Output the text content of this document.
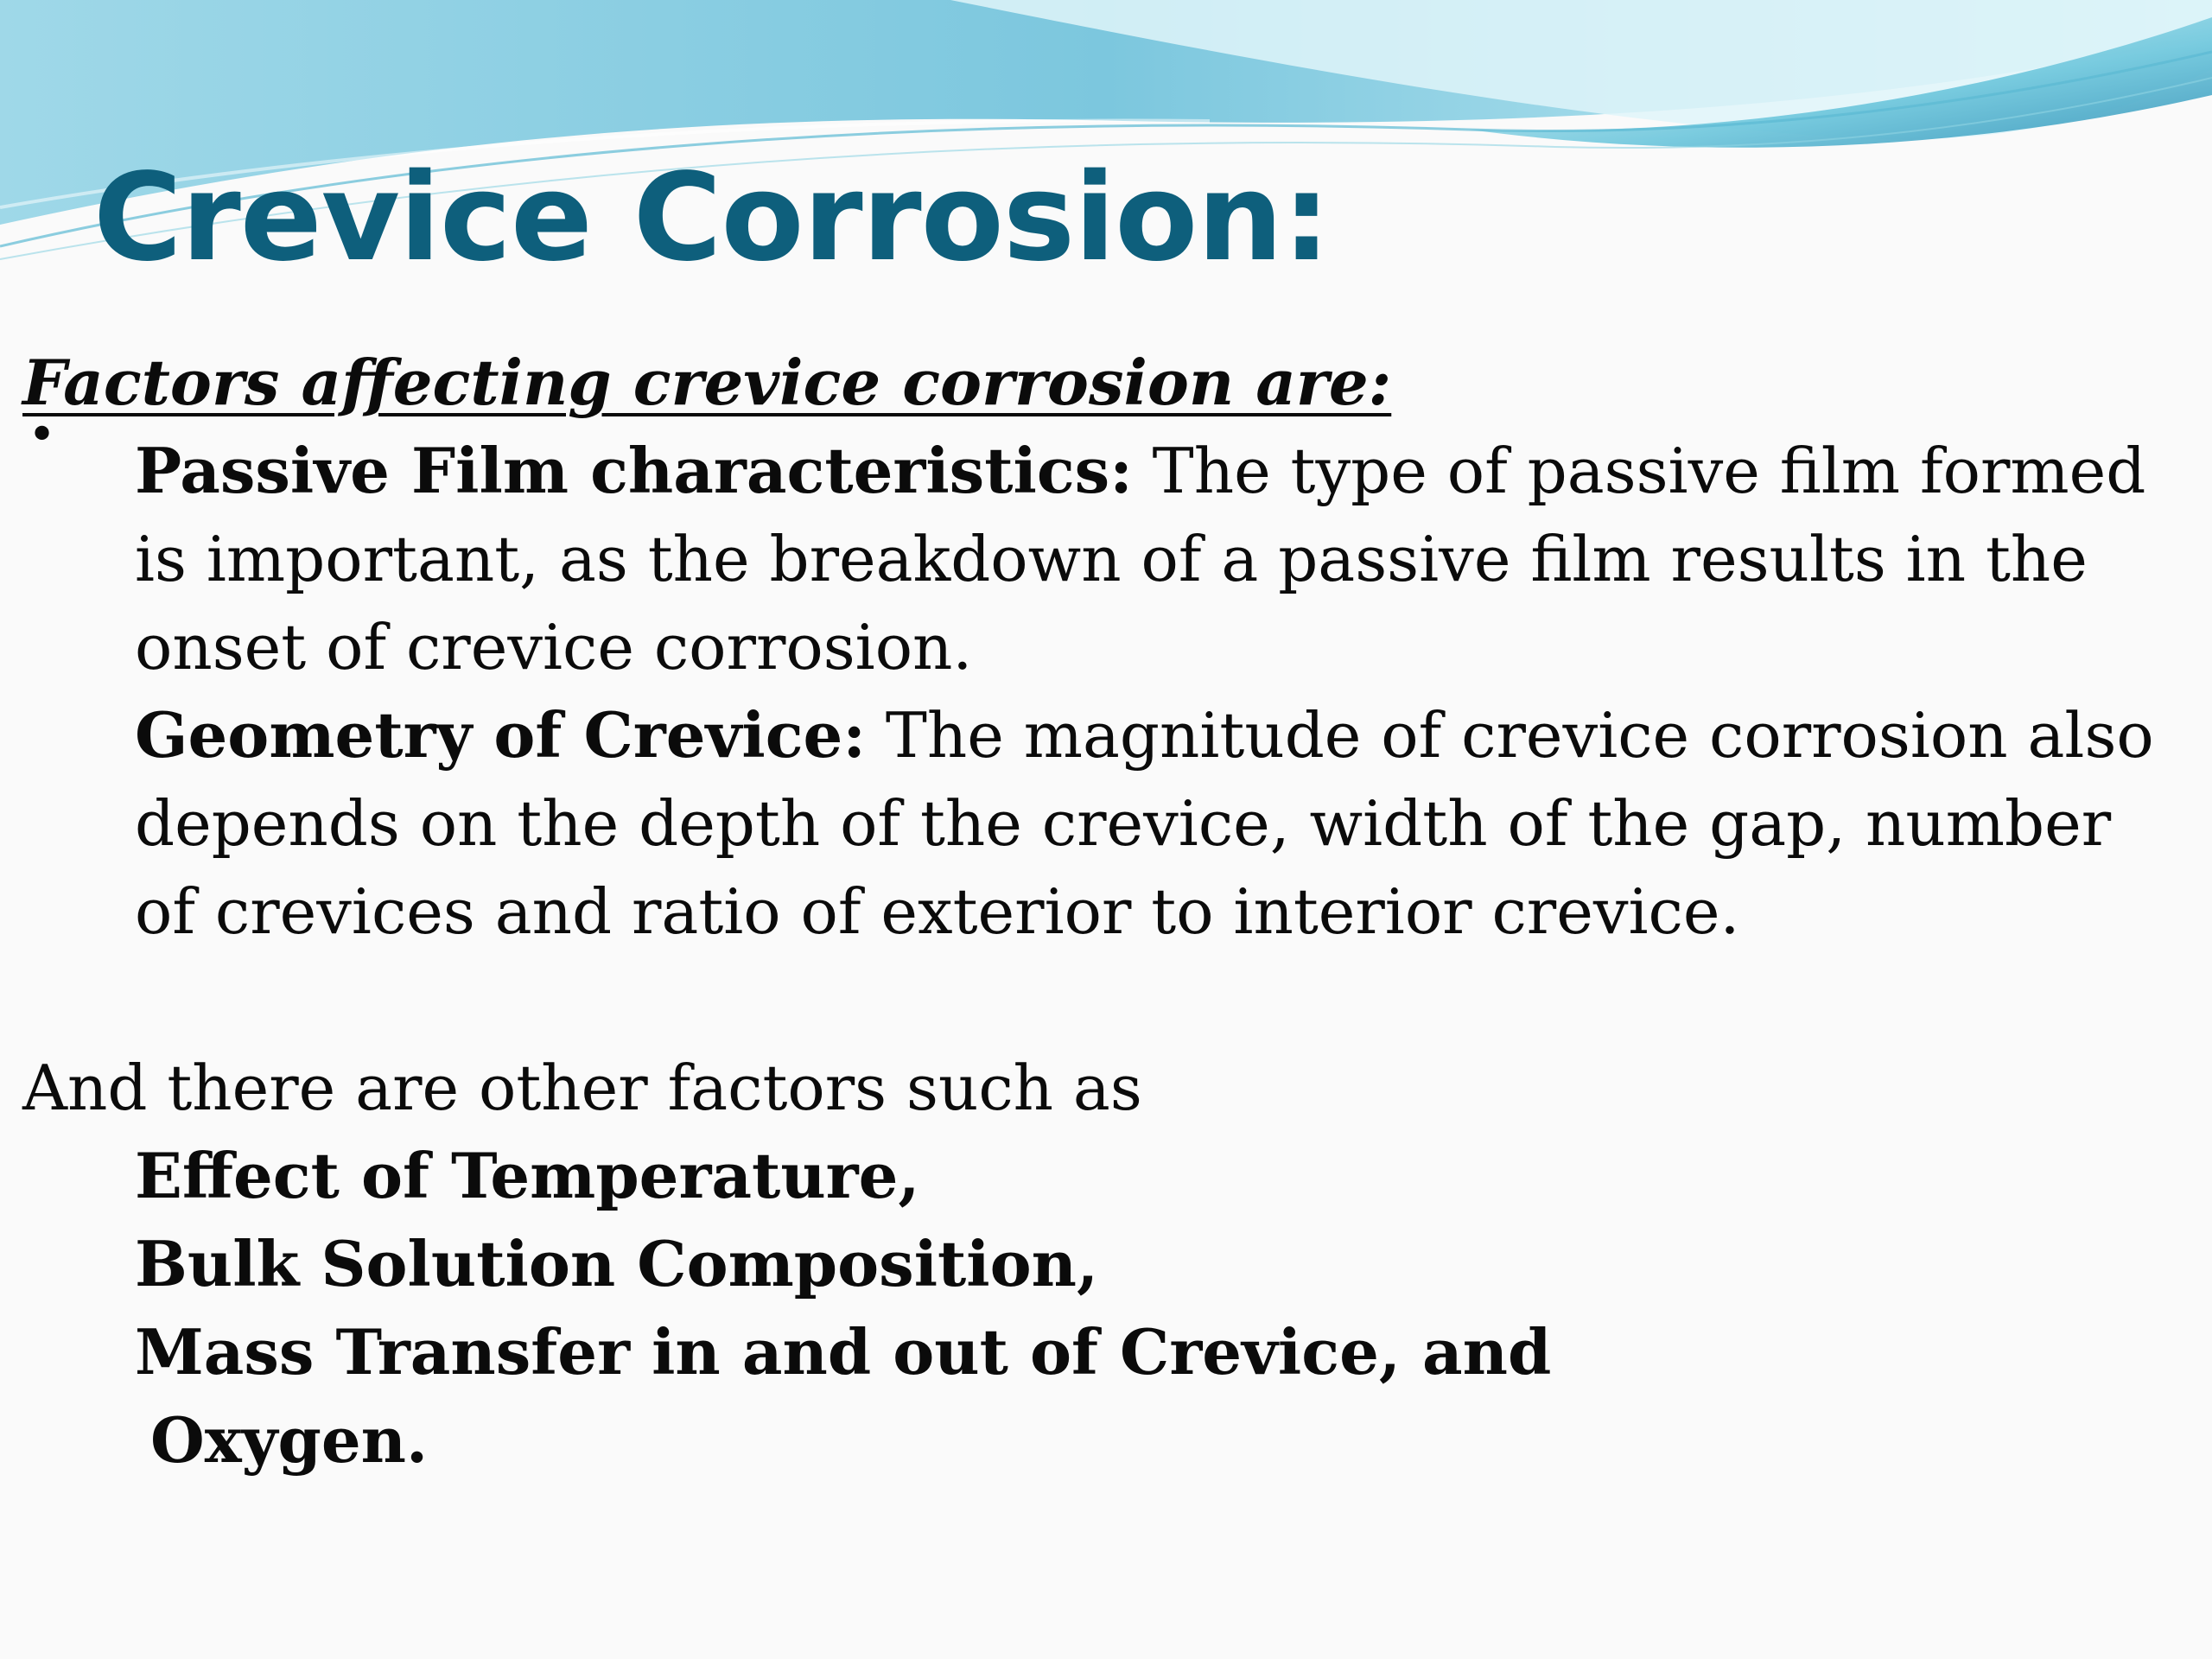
Crevice Corrosion:

Factors affecting crevice corrosion are:

• Passive Film characteristics: The type of passive film formed is important, as the breakdown of a passive film results in the onset of crevice corrosion.
Geometry of Crevice: The magnitude of crevice corrosion also depends on the depth of the crevice, width of the gap, number of crevices and ratio of exterior to interior crevice.

And there are other factors such as

Effect of Temperature,
Bulk Solution Composition,
Mass Transfer in and out of Crevice, and
Oxygen.
